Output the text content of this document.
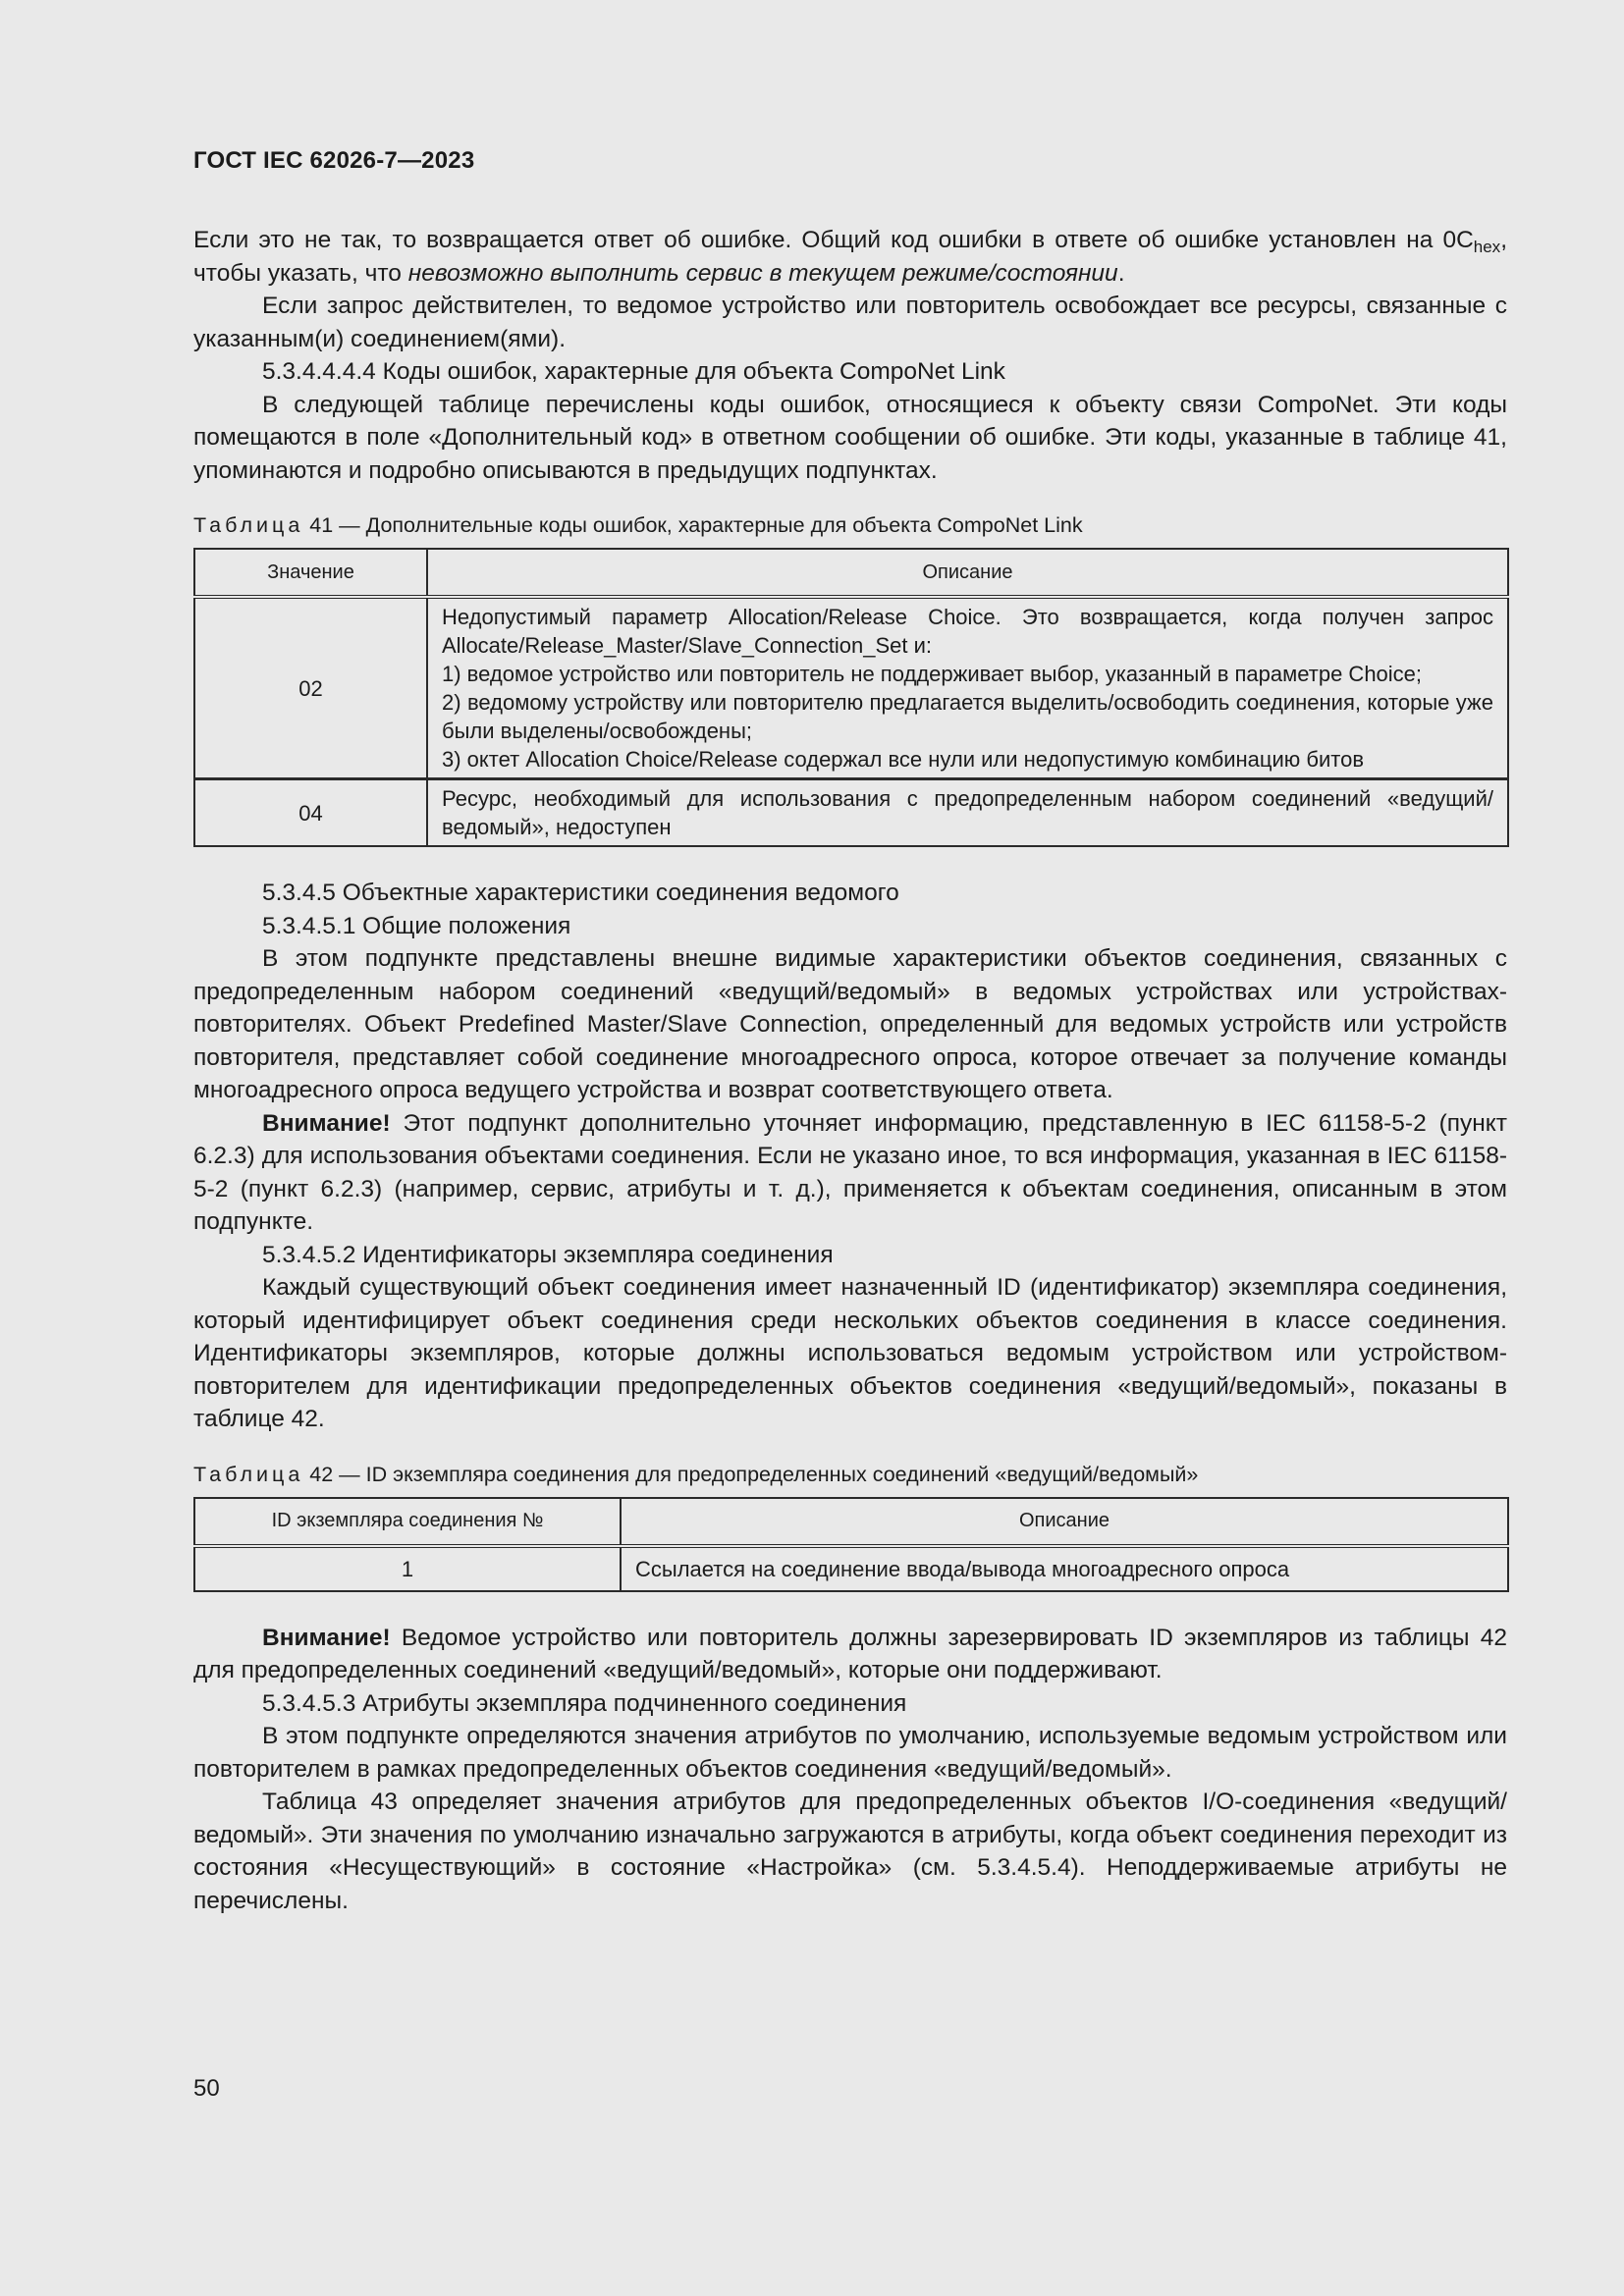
ГОСТ IEC 62026-7—2023

Если это не так, то возвращается ответ об ошибке. Общий код ошибки в ответе об ошибке установлен на $0C_{hex}$, чтобы указать, что невозможно выполнить сервис в текущем режиме/состоянии.

Если запрос действителен, то ведомое устройство или повторитель освобождает все ресурсы, связанные с указанным(и) соединением(ями).

5.3.4.4.4.4 Коды ошибок, характерные для объекта CompoNet Link

В следующей таблице перечислены коды ошибок, относящиеся к объекту связи CompoNet. Эти коды помещаются в поле «Дополнительный код» в ответном сообщении об ошибке. Эти коды, указанные в таблице 41, упоминаются и подробно описываются в предыдущих подпунктах.

Таблица 41 — Дополнительные коды ошибок, характерные для объекта CompoNet Link
Значение	Описание
02	Недопустимый параметр Allocation/Release Choice. Это возвращается, когда получен запрос Allocate/Release_Master/Slave_Connection_Set и:
1) ведомое устройство или повторитель не поддерживает выбор, указанный в параметре Choice;
2) ведомому устройству или повторителю предлагается выделить/освободить соединения, которые уже были выделены/освобождены;
3) октет Allocation Choice/Release содержал все нули или недопустимую комбинацию битов

04	Ресурс, необходимый для использования с предопределенным набором соединений «ведущий/ведомый», недоступен

5.3.4.5 Объектные характеристики соединения ведомого

5.3.4.5.1 Общие положения

В этом подпункте представлены внешне видимые характеристики объектов соединения, связанных с предопределенным набором соединений «ведущий/ведомый» в ведомых устройствах или устройствах-повторителях. Объект Predefined Master/Slave Connection, определенный для ведомых устройств или устройств повторителя, представляет собой соединение многоадресного опроса, которое отвечает за получение команды многоадресного опроса ведущего устройства и возврат соответствующего ответа.

Внимание! Этот подпункт дополнительно уточняет информацию, представленную в IEC 61158-5-2 (пункт 6.2.3) для использования объектами соединения. Если не указано иное, то вся информация, указанная в IEC 61158-5-2 (пункт 6.2.3) (например, сервис, атрибуты и т. д.), применяется к объектам соединения, описанным в этом подпункте.

5.3.4.5.2 Идентификаторы экземпляра соединения

Каждый существующий объект соединения имеет назначенный ID (идентификатор) экземпляра соединения, который идентифицирует объект соединения среди нескольких объектов соединения в классе соединения. Идентификаторы экземпляров, которые должны использоваться ведомым устройством или устройством-повторителем для идентификации предопределенных объектов соединения «ведущий/ведомый», показаны в таблице 42.

Таблица 42 — ID экземпляра соединения для предопределенных соединений «ведущий/ведомый»
ID экземпляра соединения №	Описание
1	Ссылается на соединение ввода/вывода многоадресного опроса

Внимание! Ведомое устройство или повторитель должны зарезервировать ID экземпляров из таблицы 42 для предопределенных соединений «ведущий/ведомый», которые они поддерживают.

5.3.4.5.3 Атрибуты экземпляра подчиненного соединения

В этом подпункте определяются значения атрибутов по умолчанию, используемые ведомым устройством или повторителем в рамках предопределенных объектов соединения «ведущий/ведомый».

Таблица 43 определяет значения атрибутов для предопределенных объектов I/O-соединения «ведущий/ведомый». Эти значения по умолчанию изначально загружаются в атрибуты, когда объект соединения переходит из состояния «Несуществующий» в состояние «Настройка» (см. 5.3.4.5.4). Неподдерживаемые атрибуты не перечислены.

50
